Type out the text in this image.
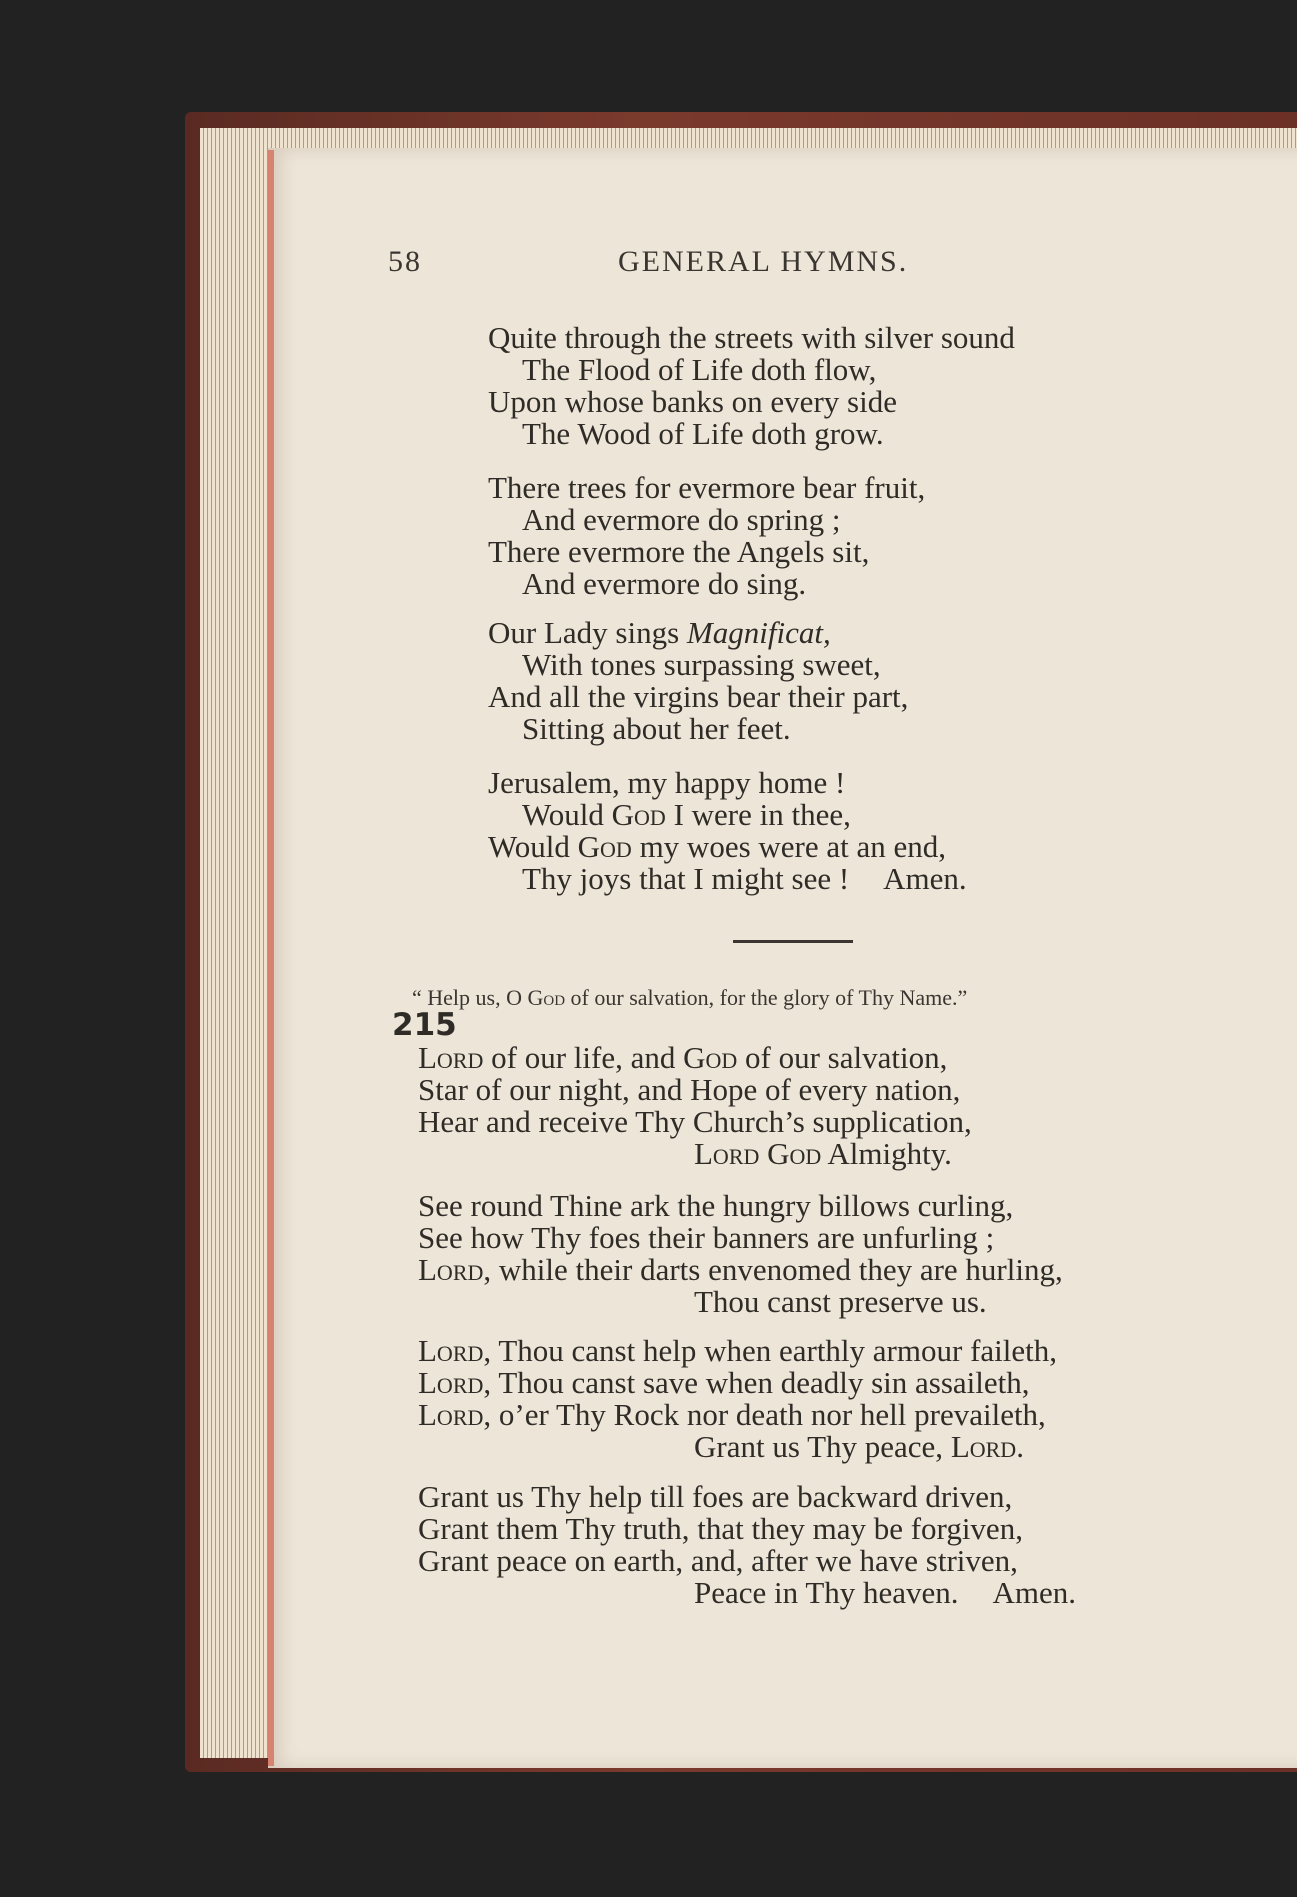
58	GENERAL HYMNS.
Quite through the streets with silver sound
The Flood of Life doth flow,
Upon whose banks on every side
The Wood of Life doth grow.
There trees for evermore bear fruit,
And evermore do spring ;
There evermore the Angels sit,
And evermore do sing.
Our Lady sings Magnificat,
With tones surpassing sweet,
And all the virgins bear their part,
Sitting about her feet.
Jerusalem, my happy home !
Would God I were in thee,
Would God my woes were at an end,
Thy joys that I might see ! Amen.
“ Help us, O God of our salvation, for the glory of Thy Name.”
215
Lord of our life, and God of our salvation,
Star of our night, and Hope of every nation,
Hear and receive Thy Church’s supplication,
Lord God Almighty.
See round Thine ark the hungry billows curling,
See how Thy foes their banners are unfurling ;
Lord, while their darts envenomed they are hurling,
Thou canst preserve us.
Lord, Thou canst help when earthly armour faileth,
Lord, Thou canst save when deadly sin assaileth,
Lord, o’er Thy Rock nor death nor hell prevaileth,
Grant us Thy peace, Lord.
Grant us Thy help till foes are backward driven,
Grant them Thy truth, that they may be forgiven,
Grant peace on earth, and, after we have striven,
Peace in Thy heaven. Amen.
